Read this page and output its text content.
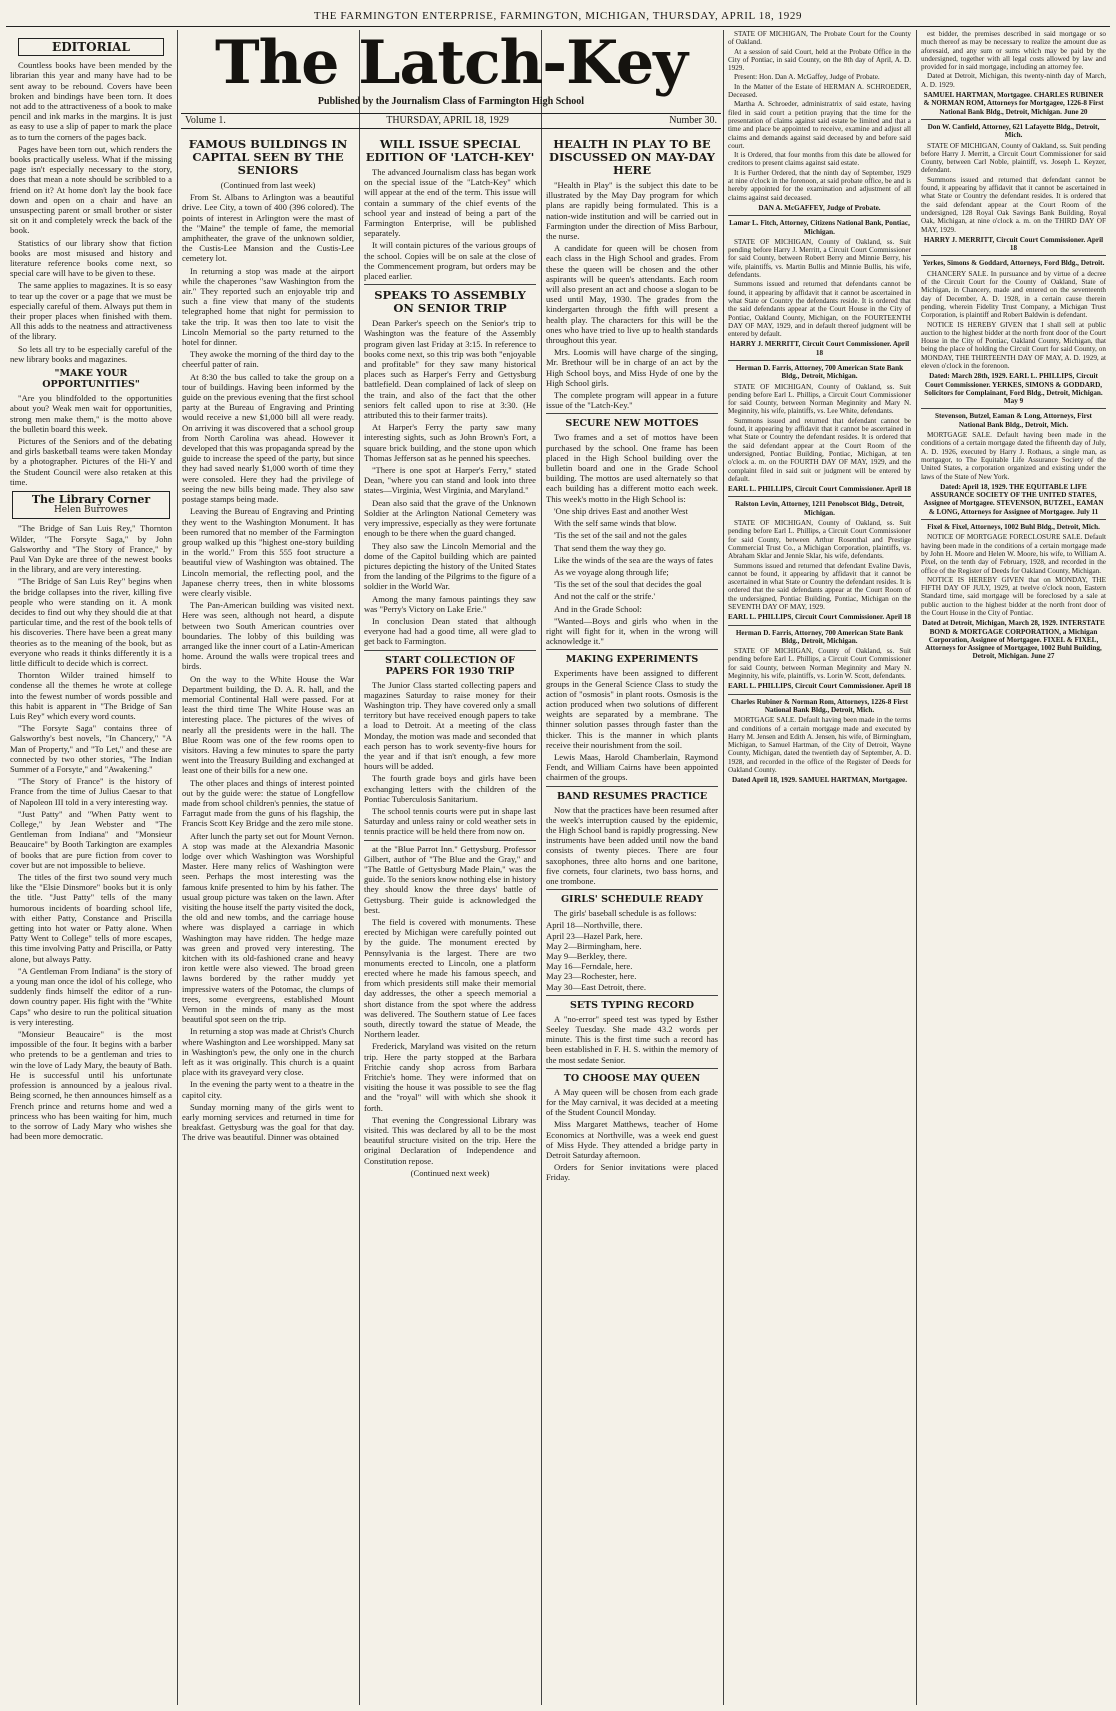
THE FARMINGTON ENTERPRISE, FARMINGTON, MICHIGAN, THURSDAY, APRIL 18, 1929
The Latch-Key
Published by the Journalism Class of Farmington High School
Volume 1.	THURSDAY, APRIL 18, 1929	Number 30.
EDITORIAL

Countless books have been mended by the librarian this year and many have had to be sent away to be rebound. Covers have been broken and bindings have been torn. It does not add to the attractiveness of a book to make pencil and ink marks in the margins. It is just as easy to use a slip of paper to mark the place as to turn the corners of the pages back.

Pages have been torn out, which renders the books practically useless. What if the missing page isn't especially necessary to the story, does that mean a note should be scribbled to a friend on it? At home don't lay the book face down and open on a chair and have an unsuspecting parent or small brother or sister sit on it and completely wreck the back of the book.

Statistics of our library show that fiction books are most misused and history and literature reference books come next, so special care will have to be given to these.

The same applies to magazines. It is so easy to tear up the cover or a page that we must be especially careful of them. Always put them in their proper places when finished with them. All this adds to the neatness and attractiveness of the library.

So lets all try to be especially careful of the new library books and magazines.

"MAKE YOUR OPPORTUNITIES"

"Are you blindfolded to the opportunities about you? Weak men wait for opportunities, strong men make them," is the motto above the bulletin board this week.

Pictures of the Seniors and of the debating and girls basketball teams were taken Monday by a photographer. Pictures of the Hi-Y and the Student Council were also retaken at this time.

The Library Corner
Helen Burrowes

"The Bridge of San Luis Rey," Thornton Wilder, "The Forsyte Saga," by John Galsworthy and "The Story of France," by Paul Van Dyke are three of the newest books in the library, and are very interesting.

"The Bridge of San Luis Rey" begins when the bridge collapses into the river, killing five people who were standing on it. A monk decides to find out why they should die at that particular time, and the rest of the book tells of his discoveries. There have been a great many theories as to the meaning of the book, but as everyone who reads it thinks differently it is a little difficult to decide which is correct.

Thornton Wilder trained himself to condense all the themes he wrote at college into the fewest number of words possible and this habit is apparent in "The Bridge of San Luis Rey" which every word counts.

"The Forsyte Saga" contains three of Galsworthy's best novels, "In Chancery," "A Man of Property," and "To Let," and these are connected by two other stories, "The Indian Summer of a Forsyte," and "Awakening."

"The Story of France" is the history of France from the time of Julius Caesar to that of Napoleon III told in a very interesting way.

"Just Patty" and "When Patty went to College," by Jean Webster and "The Gentleman from Indiana" and "Monsieur Beaucaire" by Booth Tarkington are examples of books that are pure fiction from cover to cover but are not impossible to believe.

The titles of the first two sound very much like the "Elsie Dinsmore" books but it is only the title. "Just Patty" tells of the many humorous incidents of boarding school life, with either Patty, Constance and Priscilla getting into hot water or Patty alone. When Patty Went to College" tells of more escapes, this time involving Patty and Priscilla, or Patty alone, but always Patty.

"A Gentleman From Indiana" is the story of a young man once the idol of his college, who suddenly finds himself the editor of a run-down country paper. His fight with the "White Caps" who desire to run the political situation is very interesting.

"Monsieur Beaucaire" is the most impossible of the four. It begins with a barber who pretends to be a gentleman and tries to win the love of Lady Mary, the beauty of Bath. He is successful until his unfortunate profession is announced by a jealous rival. Being scorned, he then announces himself as a French prince and returns home and wed a princess who has been waiting for him, much to the sorrow of Lady Mary who wishes she had been more democratic.

FAMOUS BUILDINGS IN CAPITAL SEEN BY THE SENIORS

(Continued from last week)

From St. Albans to Arlington was a beautiful drive. Lee City, a town of 400 (396 colored). The points of interest in Arlington were the mast of the "Maine" the temple of fame, the memorial amphitheater, the grave of the unknown soldier, the Custis-Lee Mansion and the Custis-Lee cemetery lot.

In returning a stop was made at the airport while the chaperones "saw Washington from the air." They reported such an enjoyable trip and such a fine view that many of the students telegraphed home that night for permission to take the trip. It was then too late to visit the Lincoln Memorial so the party returned to the hotel for dinner.

They awoke the morning of the third day to the cheerful patter of rain.

At 8:30 the bus called to take the group on a tour of buildings. Having been informed by the guide on the previous evening that the first school party at the Bureau of Engraving and Printing would receive a new $1,000 bill all were ready. On arriving it was discovered that a school group from North Carolina was ahead. However it developed that this was propaganda spread by the guide to increase the speed of the party, but since they had saved nearly $1,000 worth of time they were consoled. Here they had the privilege of seeing the new bills being made. They also saw postage stamps being made.

Leaving the Bureau of Engraving and Printing they went to the Washington Monument. It has been rumored that no member of the Farmington group walked up this "highest one-story building in the world." From this 555 foot structure a beautiful view of Washington was obtained. The Lincoln memorial, the reflecting pool, and the Japanese cherry trees, then in white blossoms were clearly visible.

The Pan-American building was visited next. Here was seen, although not heard, a dispute between two South American countries over boundaries. The lobby of this building was arranged like the inner court of a Latin-American home. Around the walls were tropical trees and birds.

On the way to the White House the War Department building, the D. A. R. hall, and the memorial Continental Hall were passed. For at least the third time The White House was an interesting place. The pictures of the wives of nearly all the presidents were in the hall. The Blue Room was one of the few rooms open to visitors. Having a few minutes to spare the party went into the Treasury Building and exchanged at least one of their bills for a new one.

The other places and things of interest pointed out by the guide were: the statue of Longfellow made from school children's pennies, the statue of Farragut made from the guns of his flagship, the Francis Scott Key Bridge and the zero mile stone.

After lunch the party set out for Mount Vernon. A stop was made at the Alexandria Masonic lodge over which Washington was Worshipful Master. Here many relics of Washington were seen. Perhaps the most interesting was the famous knife presented to him by his father. The usual group picture was taken on the lawn. After visiting the house itself the party visited the dock, the old and new tombs, and the carriage house where was displayed a carriage in which Washington may have ridden. The hedge maze was green and proved very interesting. The kitchen with its old-fashioned crane and heavy iron kettle were also viewed. The broad green lawns bordered by the rather muddy yet impressive waters of the Potomac, the clumps of trees, some evergreens, established Mount Vernon in the minds of many as the most beautiful spot seen on the trip.

In returning a stop was made at Christ's Church where Washington and Lee worshipped. Many sat in Washington's pew, the only one in the church left as it was originally. This church is a quaint place with its graveyard very close.

In the evening the party went to a theatre in the capitol city.

Sunday morning many of the girls went to early morning services and returned in time for breakfast. Gettysburg was the goal for that day. The drive was beautiful. Dinner was obtained

WILL ISSUE SPECIAL EDITION OF 'LATCH-KEY'

The advanced Journalism class has began work on the special issue of the "Latch-Key" which will appear at the end of the term. This issue will contain a summary of the chief events of the school year and instead of being a part of the Farmington Enterprise, will be published separately.

It will contain pictures of the various groups of the school. Copies will be on sale at the close of the Commencement program, but orders may be placed earlier.

SPEAKS TO ASSEMBLY ON SENIOR TRIP

Dean Parker's speech on the Senior's trip to Washington was the feature of the Assembly program given last Friday at 3:15. In reference to books come next, so this trip was both "enjoyable and profitable" for they saw many historical places such as Harper's Ferry and Gettysburg battlefield. Dean complained of lack of sleep on the train, and also of the fact that the other seniors felt called upon to rise at 3:30. (He attributed this to their farmer traits).

At Harper's Ferry the party saw many interesting sights, such as John Brown's Fort, a square brick building, and the stone upon which Thomas Jefferson sat as he penned his speeches.

"There is one spot at Harper's Ferry," stated Dean, "where you can stand and look into three states—Virginia, West Virginia, and Maryland."

Dean also said that the grave of the Unknown Soldier at the Arlington National Cemetery was very impressive, especially as they were fortunate enough to be there when the guard changed.

They also saw the Lincoln Memorial and the dome of the Capitol building which are painted pictures depicting the history of the United States from the landing of the Pilgrims to the figure of a soldier in the World War.

Among the many famous paintings they saw was "Perry's Victory on Lake Erie."

In conclusion Dean stated that although everyone had had a good time, all were glad to get back to Farmington.

START COLLECTION OF PAPERS FOR 1930 TRIP

The Junior Class started collecting papers and magazines Saturday to raise money for their Washington trip. They have covered only a small territory but have received enough papers to take a load to Detroit. At a meeting of the class Monday, the motion was made and seconded that each person has to work seventy-five hours for the year and if that isn't enough, a few more hours will be added.

The fourth grade boys and girls have been exchanging letters with the children of the Pontiac Tuberculosis Sanitarium.

The school tennis courts were put in shape last Saturday and unless rainy or cold weather sets in tennis practice will be held there from now on.

at the "Blue Parrot Inn." Gettysburg. Professor Gilbert, author of "The Blue and the Gray," and "The Battle of Gettysburg Made Plain," was the guide. To the seniors know nothing else in history they should know the three days' battle of Gettysburg. Their guide is acknowledged the best.

The field is covered with monuments. These erected by Michigan were carefully pointed out by the guide. The monument erected by Pennsylvania is the largest. There are two monuments erected to Lincoln, one a platform erected where he made his famous speech, and from which presidents still make their memorial day addresses, the other a speech memorial a short distance from the spot where the address was delivered. The Southern statue of Lee faces south, directly toward the statue of Meade, the Northern leader.

Frederick, Maryland was visited on the return trip. Here the party stopped at the Barbara Fritchie candy shop across from Barbara Fritchie's home. They were informed that on visiting the house it was possible to see the flag and the "royal" will with which she shook it forth.

That evening the Congressional Library was visited. This was declared by all to be the most beautiful structure visited on the trip. Here the original Declaration of Independence and Constitution repose.

(Continued next week)

HEALTH IN PLAY TO BE DISCUSSED ON MAY-DAY HERE

"Health in Play" is the subject this date to be illustrated by the May Day program for which plans are rapidly being formulated. This is a nation-wide institution and will be carried out in Farmington under the direction of Miss Barbour, the nurse.

A candidate for queen will be chosen from each class in the High School and grades. From these the queen will be chosen and the other aspirants will be queen's attendants. Each room will also present an act and choose a slogan to be used until May, 1930. The grades from the kindergarten through the fifth will present a health play. The characters for this will be the ones who have tried to live up to health standards throughout this year.

Mrs. Loomis will have charge of the singing, Mr. Brethour will be in charge of an act by the High School boys, and Miss Hyde of one by the High School girls.

The complete program will appear in a future issue of the "Latch-Key."

SECURE NEW MOTTOES

Two frames and a set of mottos have been purchased by the school. One frame has been placed in the High School building over the bulletin board and one in the Grade School building. The mottos are used alternately so that each building has a different motto each week. This week's motto in the High School is:

'One ship drives East and another West

With the self same winds that blow.

'Tis the set of the sail and not the gales

That send them the way they go.

Like the winds of the sea are the ways of fates

As we voyage along through life;

'Tis the set of the soul that decides the goal

And not the calf or the strife.'

And in the Grade School:

"Wanted—Boys and girls who when in the right will fight for it, when in the wrong will acknowledge it."

MAKING EXPERIMENTS

Experiments have been assigned to different groups in the General Science Class to study the action of "osmosis" in plant roots. Osmosis is the action produced when two solutions of different weights are separated by a membrane. The thinner solution passes through faster than the thicker. This is the manner in which plants receive their nourishment from the soil.

Lewis Maas, Harold Chamberlain, Raymond Fendt, and William Cairns have been appointed chairmen of the groups.

BAND RESUMES PRACTICE

Now that the practices have been resumed after the week's interruption caused by the epidemic, the High School band is rapidly progressing. New instruments have been added until now the band consists of twenty pieces. There are four saxophones, three alto horns and one baritone, five cornets, four clarinets, two bass horns, and one trombone.

GIRLS' SCHEDULE READY

The girls' baseball schedule is as follows:

April 18—Northville, there.
April 23—Hazel Park, here.
May 2—Birmingham, here.
May 9—Berkley, there.
May 16—Ferndale, here.
May 23—Rochester, here.
May 30—East Detroit, there.
SETS TYPING RECORD

A "no-error" speed test was typed by Esther Seeley Tuesday. She made 43.2 words per minute. This is the first time such a record has been established in F. H. S. within the memory of the most sedate Senior.

TO CHOOSE MAY QUEEN

A May queen will be chosen from each grade for the May carnival, it was decided at a meeting of the Student Council Monday.

Miss Margaret Matthews, teacher of Home Economics at Northville, was a week end guest of Miss Hyde. They attended a bridge party in Detroit Saturday afternoon.

Orders for Senior invitations were placed Friday.

STATE OF MICHIGAN, The Probate Court for the County of Oakland.

At a session of said Court, held at the Probate Office in the City of Pontiac, in said County, on the 8th day of April, A. D. 1929.

Present: Hon. Dan A. McGaffey, Judge of Probate.

In the Matter of the Estate of HERMAN A. SCHROEDER, Deceased.

Martha A. Schroeder, administratrix of said estate, having filed in said court a petition praying that the time for the presentation of claims against said estate be limited and that a time and place be appointed to receive, examine and adjust all claims and demands against said deceased by and before said court.

It is Ordered, that four months from this date be allowed for creditors to present claims against said estate.

It is Further Ordered, that the ninth day of September, 1929 at nine o'clock in the forenoon, at said probate office, be and is hereby appointed for the examination and adjustment of all claims against said deceased.

DAN A. McGAFFEY, Judge of Probate.
Lamar L. Fitch, Attorney, Citizens National Bank, Pontiac, Michigan.

STATE OF MICHIGAN, County of Oakland, ss. Suit pending before Harry J. Merritt, a Circuit Court Commissioner for said County, between Robert Berry and Minnie Berry, his wife, plaintiffs, vs. Martin Bullis and Minnie Bullis, his wife, defendants.

Summons issued and returned that defendants cannot be found, it appearing by affidavit that it cannot be ascertained in what State or Country the defendants reside. It is ordered that the said defendants appear at the Court House in the City of Pontiac, Oakland County, Michigan, on the FOURTEENTH DAY OF MAY, 1929, and in default thereof judgment will be entered by default.

HARRY J. MERRITT, Circuit Court Commissioner. April 18
Herman D. Farris, Attorney, 700 American State Bank Bldg., Detroit, Michigan.

STATE OF MICHIGAN, County of Oakland, ss. Suit pending before Earl L. Phillips, a Circuit Court Commissioner for said County, between Norman Meginnity and Mary N. Meginnity, his wife, plaintiffs, vs. Lee White, defendants.

Summons issued and returned that defendant cannot be found, it appearing by affidavit that it cannot be ascertained in what State or Country the defendant resides. It is ordered that the said defendant appear at the Court Room of the undersigned, Pontiac Building, Pontiac, Michigan, at ten o'clock a. m. on the FOURTH DAY OF MAY, 1929, and the complaint filed in said suit or judgment will be entered by default.

EARL L. PHILLIPS, Circuit Court Commissioner. April 18
Ralston Levin, Attorney, 1211 Penobscot Bldg., Detroit, Michigan.

STATE OF MICHIGAN, County of Oakland, ss. Suit pending before Earl L. Phillips, a Circuit Court Commissioner for said County, between Arthur Rosenthal and Prestige Commercial Trust Co., a Michigan Corporation, plaintiffs, vs. Abraham Sklar and Jennie Sklar, his wife, defendants.

Summons issued and returned that defendant Evaline Davis, cannot be found, it appearing by affidavit that it cannot be ascertained in what State or Country the defendant resides. It is ordered that the said defendants appear at the Court Room of the undersigned, Pontiac Building, Pontiac, Michigan on the SEVENTH DAY OF MAY, 1929.

EARL L. PHILLIPS, Circuit Court Commissioner. April 18
Herman D. Farris, Attorney, 700 American State Bank Bldg., Detroit, Michigan.

STATE OF MICHIGAN, County of Oakland, ss. Suit pending before Earl L. Phillips, a Circuit Court Commissioner for said County, between Norman Meginnity and Mary N. Meginnity, his wife, plaintiffs, vs. Lorin W. Scott, defendants.

EARL L. PHILLIPS, Circuit Court Commissioner. April 18
Charles Rubiner & Norman Rom, Attorneys, 1226-8 First National Bank Bldg., Detroit, Mich.

MORTGAGE SALE. Default having been made in the terms and conditions of a certain mortgage made and executed by Harry M. Jensen and Edith A. Jensen, his wife, of Birmingham, Michigan, to Samuel Hartman, of the City of Detroit, Wayne County, Michigan, dated the twentieth day of September, A. D. 1928, and recorded in the office of the Register of Deeds for Oakland County.

Dated April 18, 1929. SAMUEL HARTMAN, Mortgagee.

est bidder, the premises described in said mortgage or so much thereof as may be necessary to realize the amount due as aforesaid, and any sum or sums which may be paid by the undersigned, together with all legal costs allowed by law and provided for in said mortgage, including an attorney fee.

Dated at Detroit, Michigan, this twenty-ninth day of March, A. D. 1929.

SAMUEL HARTMAN, Mortgagee. CHARLES RUBINER & NORMAN ROM, Attorneys for Mortgagee, 1226-8 First National Bank Bldg., Detroit, Michigan. June 20
Don W. Canfield, Attorney, 621 Lafayette Bldg., Detroit, Mich.

STATE OF MICHIGAN, County of Oakland, ss. Suit pending before Harry J. Merritt, a Circuit Court Commissioner for said County, between Carl Noble, plaintiff, vs. Joseph L. Keyzer, defendant.

Summons issued and returned that defendant cannot be found, it appearing by affidavit that it cannot be ascertained in what State or Country the defendant resides. It is ordered that the said defendant appear at the Court Room of the undersigned, 128 Royal Oak Savings Bank Building, Royal Oak, Michigan, at nine o'clock a. m. on the THIRD DAY OF MAY, 1929.

HARRY J. MERRITT, Circuit Court Commissioner. April 18
Yerkes, Simons & Goddard, Attorneys, Ford Bldg., Detroit.

CHANCERY SALE. In pursuance and by virtue of a decree of the Circuit Court for the County of Oakland, State of Michigan, in Chancery, made and entered on the seventeenth day of December, A. D. 1928, in a certain cause therein pending, wherein Fidelity Trust Company, a Michigan Trust Corporation, is plaintiff and Robert Baldwin is defendant.

NOTICE IS HEREBY GIVEN that I shall sell at public auction to the highest bidder at the north front door of the Court House in the City of Pontiac, Oakland County, Michigan, that being the place of holding the Circuit Court for said County, on MONDAY, THE THIRTEENTH DAY OF MAY, A. D. 1929, at eleven o'clock in the forenoon.

Dated: March 28th, 1929. EARL L. PHILLIPS, Circuit Court Commissioner. YERKES, SIMONS & GODDARD, Solicitors for Complainant, Ford Bldg., Detroit, Michigan. May 9
Stevenson, Butzel, Eaman & Long, Attorneys, First National Bank Bldg., Detroit, Mich.

MORTGAGE SALE. Default having been made in the conditions of a certain mortgage dated the fifteenth day of July, A. D. 1926, executed by Harry J. Rothaus, a single man, as mortgagor, to The Equitable Life Assurance Society of the United States, a corporation organized and existing under the laws of the State of New York.

Dated: April 18, 1929. THE EQUITABLE LIFE ASSURANCE SOCIETY OF THE UNITED STATES, Assignee of Mortgagee. STEVENSON, BUTZEL, EAMAN & LONG, Attorneys for Assignee of Mortgagee. July 11
Fixel & Fixel, Attorneys, 1002 Buhl Bldg., Detroit, Mich.

NOTICE OF MORTGAGE FORECLOSURE SALE. Default having been made in the conditions of a certain mortgage made by John H. Moore and Helen W. Moore, his wife, to William A. Pixel, on the tenth day of February, 1928, and recorded in the office of the Register of Deeds for Oakland County, Michigan.

NOTICE IS HEREBY GIVEN that on MONDAY, THE FIFTH DAY OF JULY, 1929, at twelve o'clock noon, Eastern Standard time, said mortgage will be foreclosed by a sale at public auction to the highest bidder at the north front door of the Court House in the City of Pontiac.

Dated at Detroit, Michigan, March 28, 1929. INTERSTATE BOND & MORTGAGE CORPORATION, a Michigan Corporation, Assignee of Mortgagee. FIXEL & FIXEL, Attorneys for Assignee of Mortgagee, 1002 Buhl Building, Detroit, Michigan. June 27
